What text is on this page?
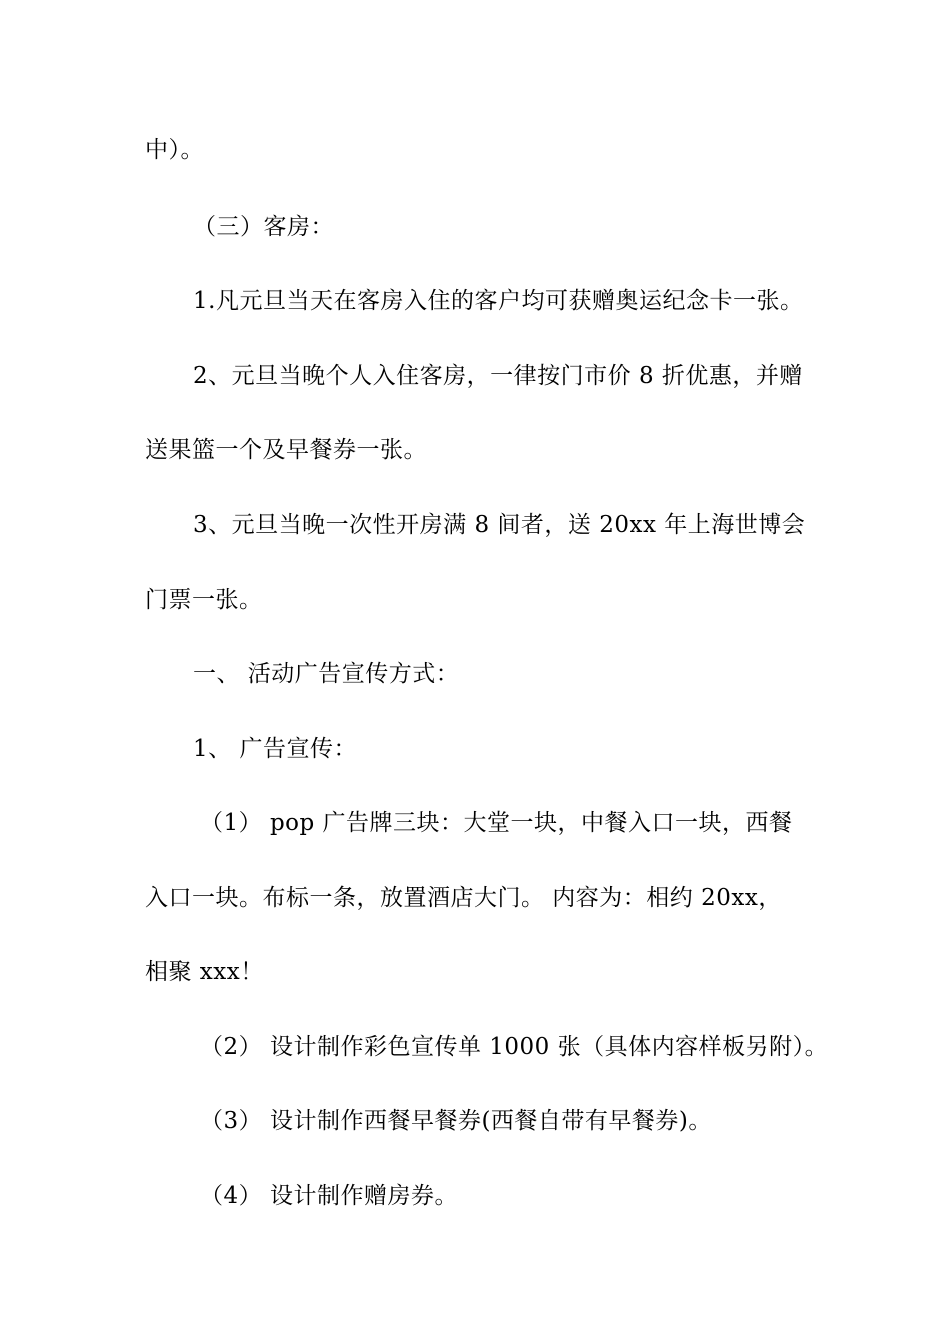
中）。
（三）客房：
1.凡元旦当天在客房入住的客户均可获赠奥运纪念卡一张。
2、元旦当晚个人入住客房，一律按门市价 8 折优惠，并赠
送果篮一个及早餐券一张。
3、元旦当晚一次性开房满 8 间者，送 20xx 年上海世博会
门票一张。
一、 活动广告宣传方式：
1、 广告宣传：
（1） pop 广告牌三块：大堂一块，中餐入口一块，西餐
入口一块。布标一条，放置酒店大门。 内容为：相约 20xx，
相聚 xxx！
（2） 设计制作彩色宣传单 1000 张（具体内容样板另附）。
（3） 设计制作西餐早餐券(西餐自带有早餐券)。
（4） 设计制作赠房券。
